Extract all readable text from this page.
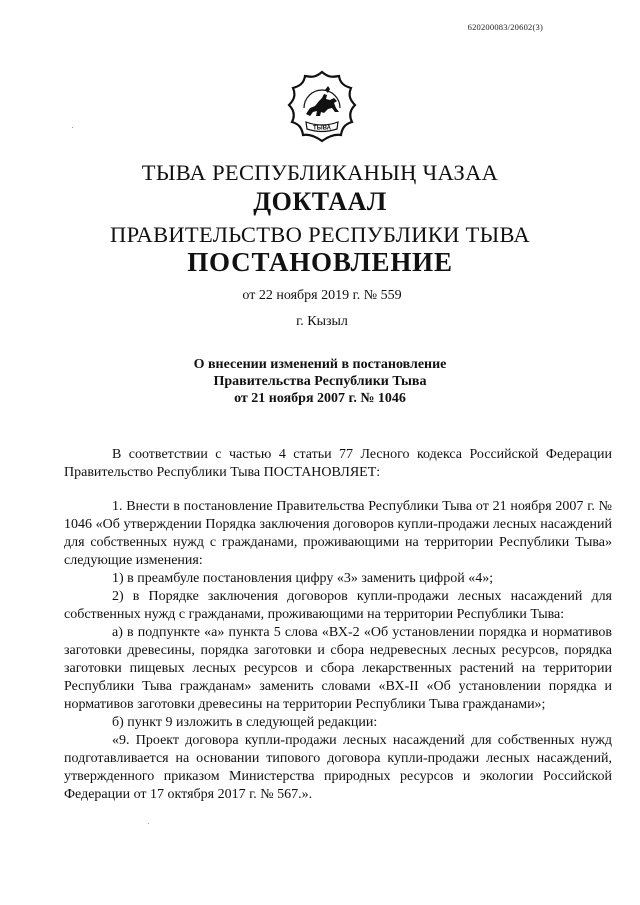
620200083/20602(3)
ТЫВА
ТЫВА РЕСПУБЛИКАНЫҢ ЧАЗАА
ДОКТААЛ
ПРАВИТЕЛЬСТВО РЕСПУБЛИКИ ТЫВА
ПОСТАНОВЛЕНИЕ
от 22 ноября 2019 г. № 559
г. Кызыл
О внесении изменений в постановление
Правительства Республики Тыва
от 21 ноября 2007 г. № 1046

В соответствии с частью 4 статьи 77 Лесного кодекса Российской Федерации Правительство Республики Тыва ПОСТАНОВЛЯЕТ:

1. Внести в постановление Правительства Республики Тыва от 21 ноября 2007 г. № 1046 «Об утверждении Порядка заключения договоров купли-продажи лесных насаждений для собственных нужд с гражданами, проживающими на территории Республики Тыва» следующие изменения:

1) в преамбуле постановления цифру «3» заменить цифрой «4»;

2) в Порядке заключения договоров купли-продажи лесных насаждений для собственных нужд с гражданами, проживающими на территории Республики Тыва:

а) в подпункте «а» пункта 5 слова «ВХ-2 «Об установлении порядка и нормативов заготовки древесины, порядка заготовки и сбора недревесных лесных ресурсов, порядка заготовки пищевых лесных ресурсов и сбора лекарственных растений на территории Республики Тыва гражданам» заменить словами «ВХ-II «Об установлении порядка и нормативов заготовки древесины на территории Республики Тыва гражданами»;

б) пункт 9 изложить в следующей редакции:

«9. Проект договора купли-продажи лесных насаждений для собственных нужд подготавливается на основании типового договора купли-продажи лесных насаждений, утвержденного приказом Министерства природных ресурсов и экологии Российской Федерации от 17 октября 2017 г. № 567.».
